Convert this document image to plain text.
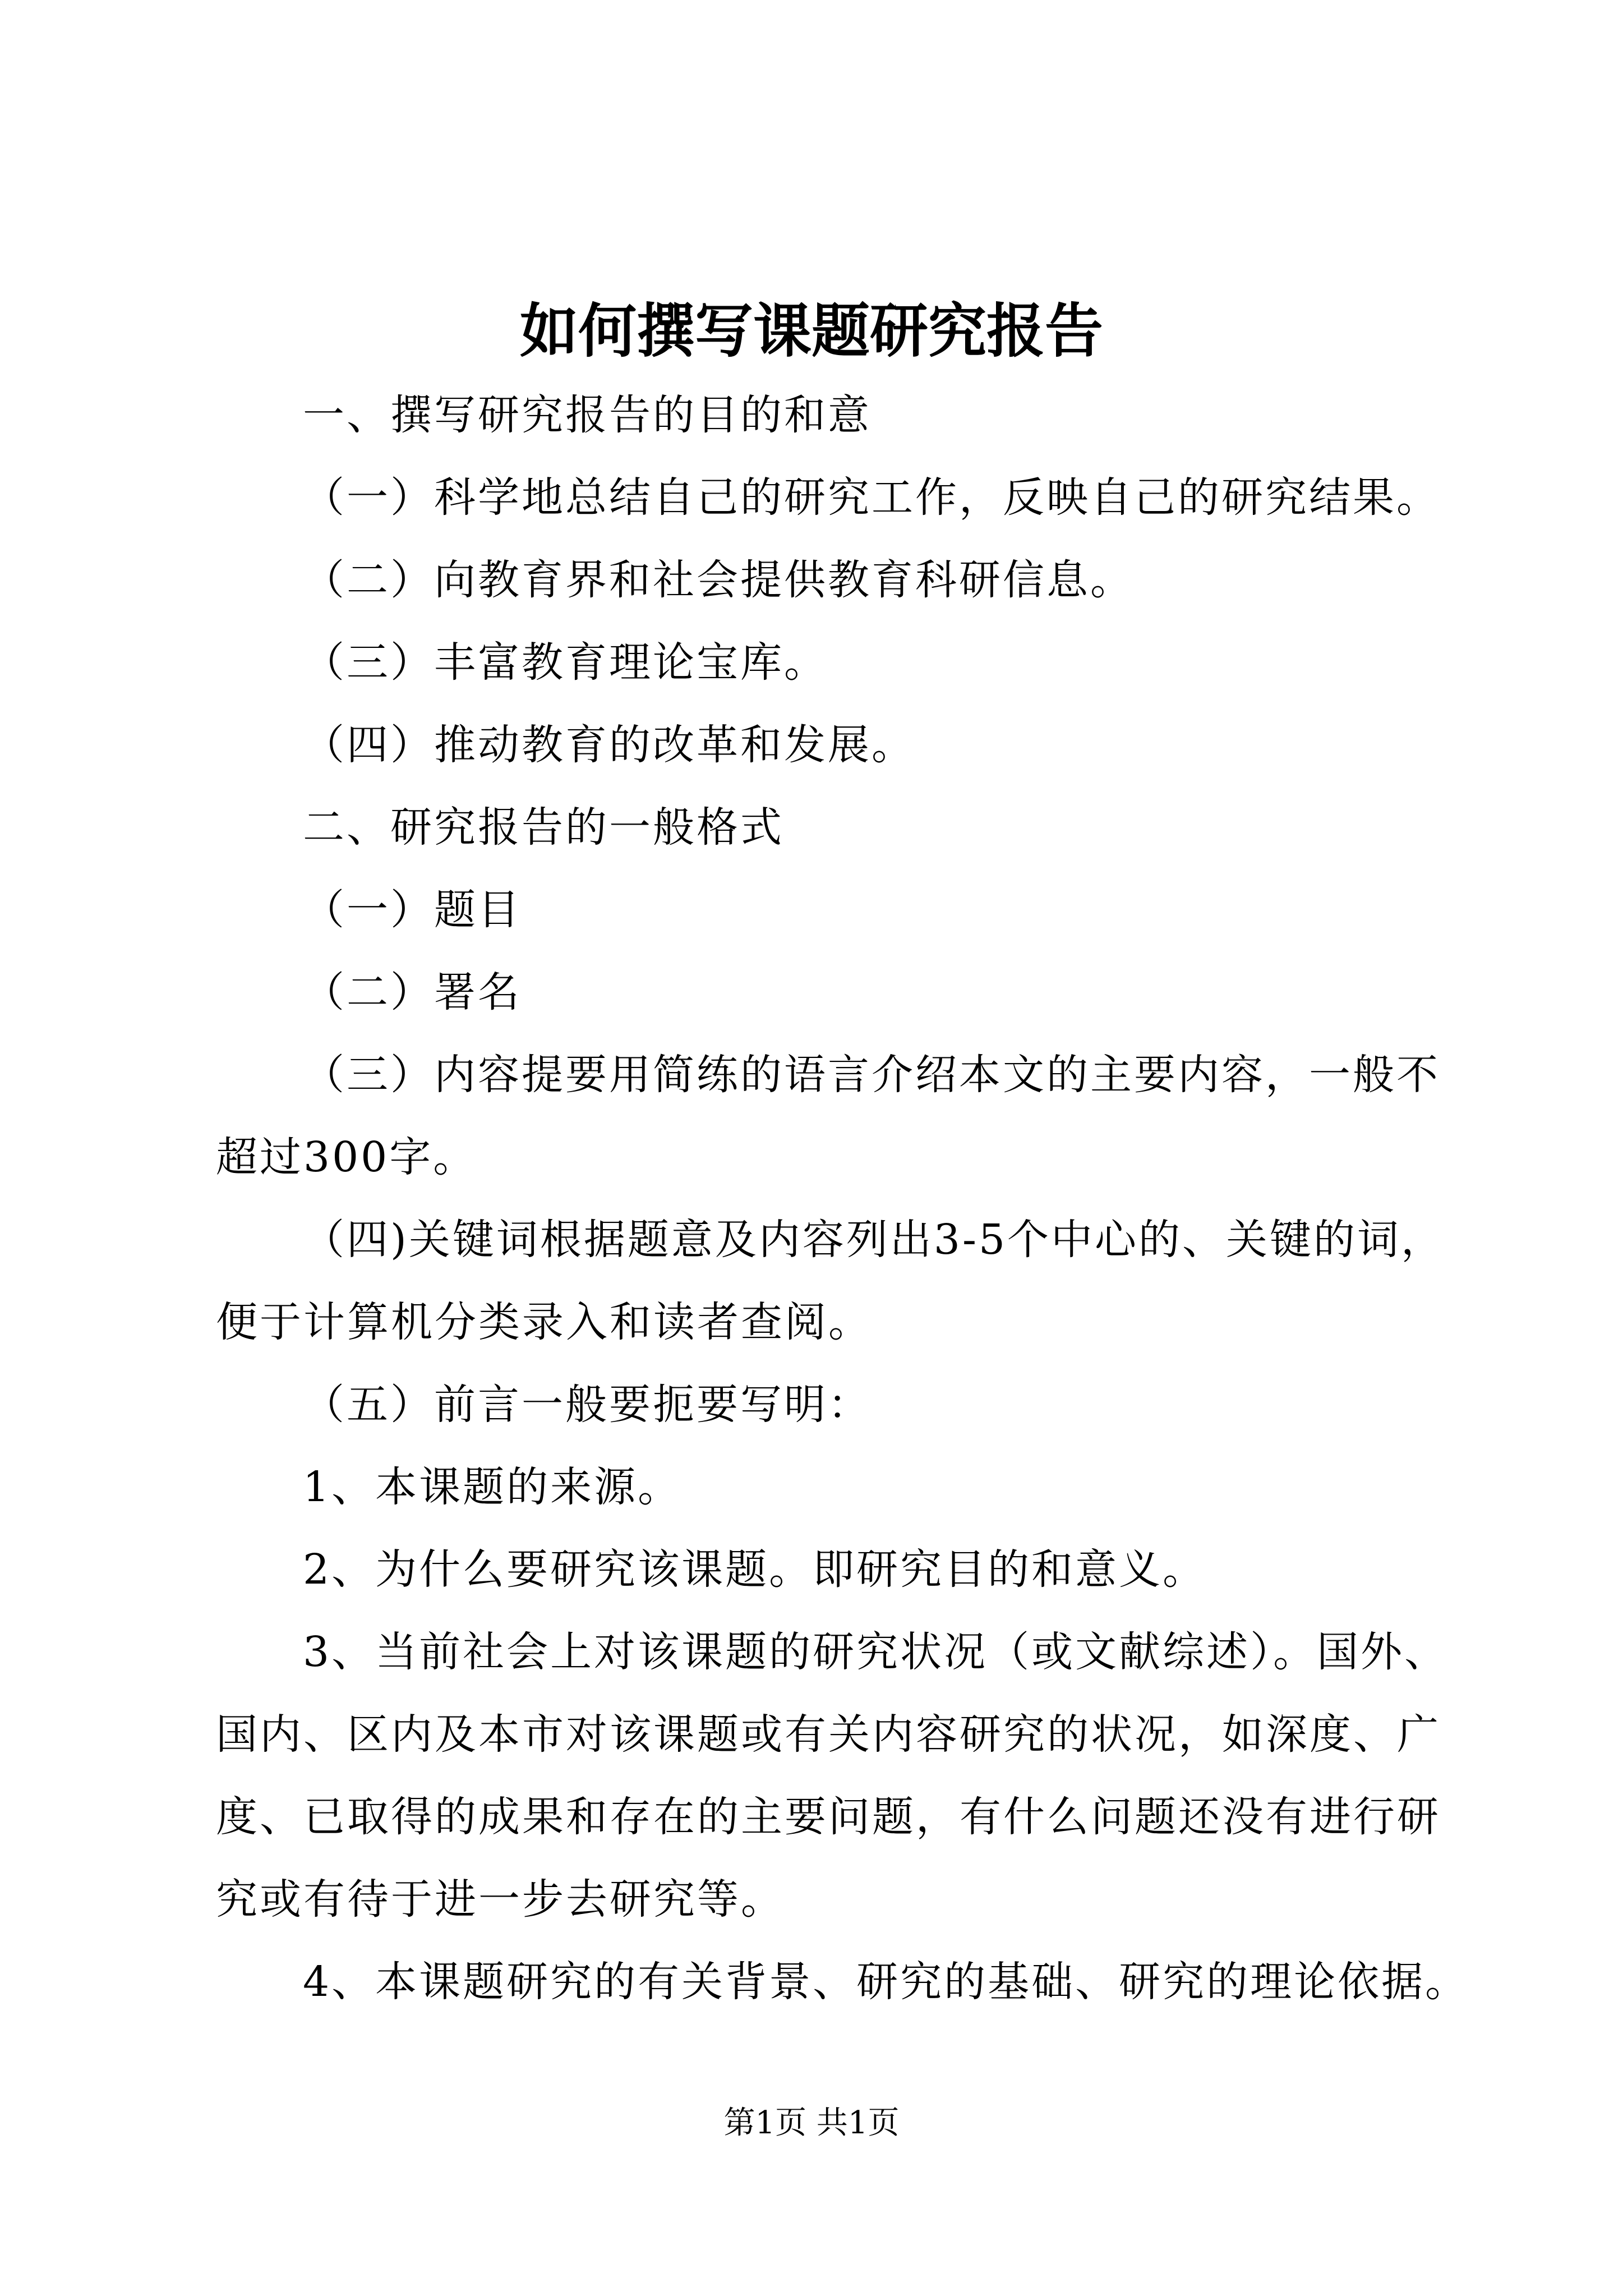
如何撰写课题研究报告
一、撰写研究报告的目的和意
（一）科学地总结自己的研究工作，反映自己的研究结果。
（二）向教育界和社会提供教育科研信息。
（三）丰富教育理论宝库。
（四）推动教育的改革和发展。
二、研究报告的一般格式
（一）题目
（二）署名
（三）内容提要用简练的语言介绍本文的主要内容，一般不
超过300字。
（四)关键词根据题意及内容列出3-5个中心的、关键的词，
便于计算机分类录入和读者查阅。
（五）前言一般要扼要写明：
1、本课题的来源。
2、为什么要研究该课题。即研究目的和意义。
3、当前社会上对该课题的研究状况（或文献综述）。国外、
国内、区内及本市对该课题或有关内容研究的状况，如深度、广
度、已取得的成果和存在的主要问题，有什么问题还没有进行研
究或有待于进一步去研究等。
4、本课题研究的有关背景、研究的基础、研究的理论依据。
第1页 共1页
